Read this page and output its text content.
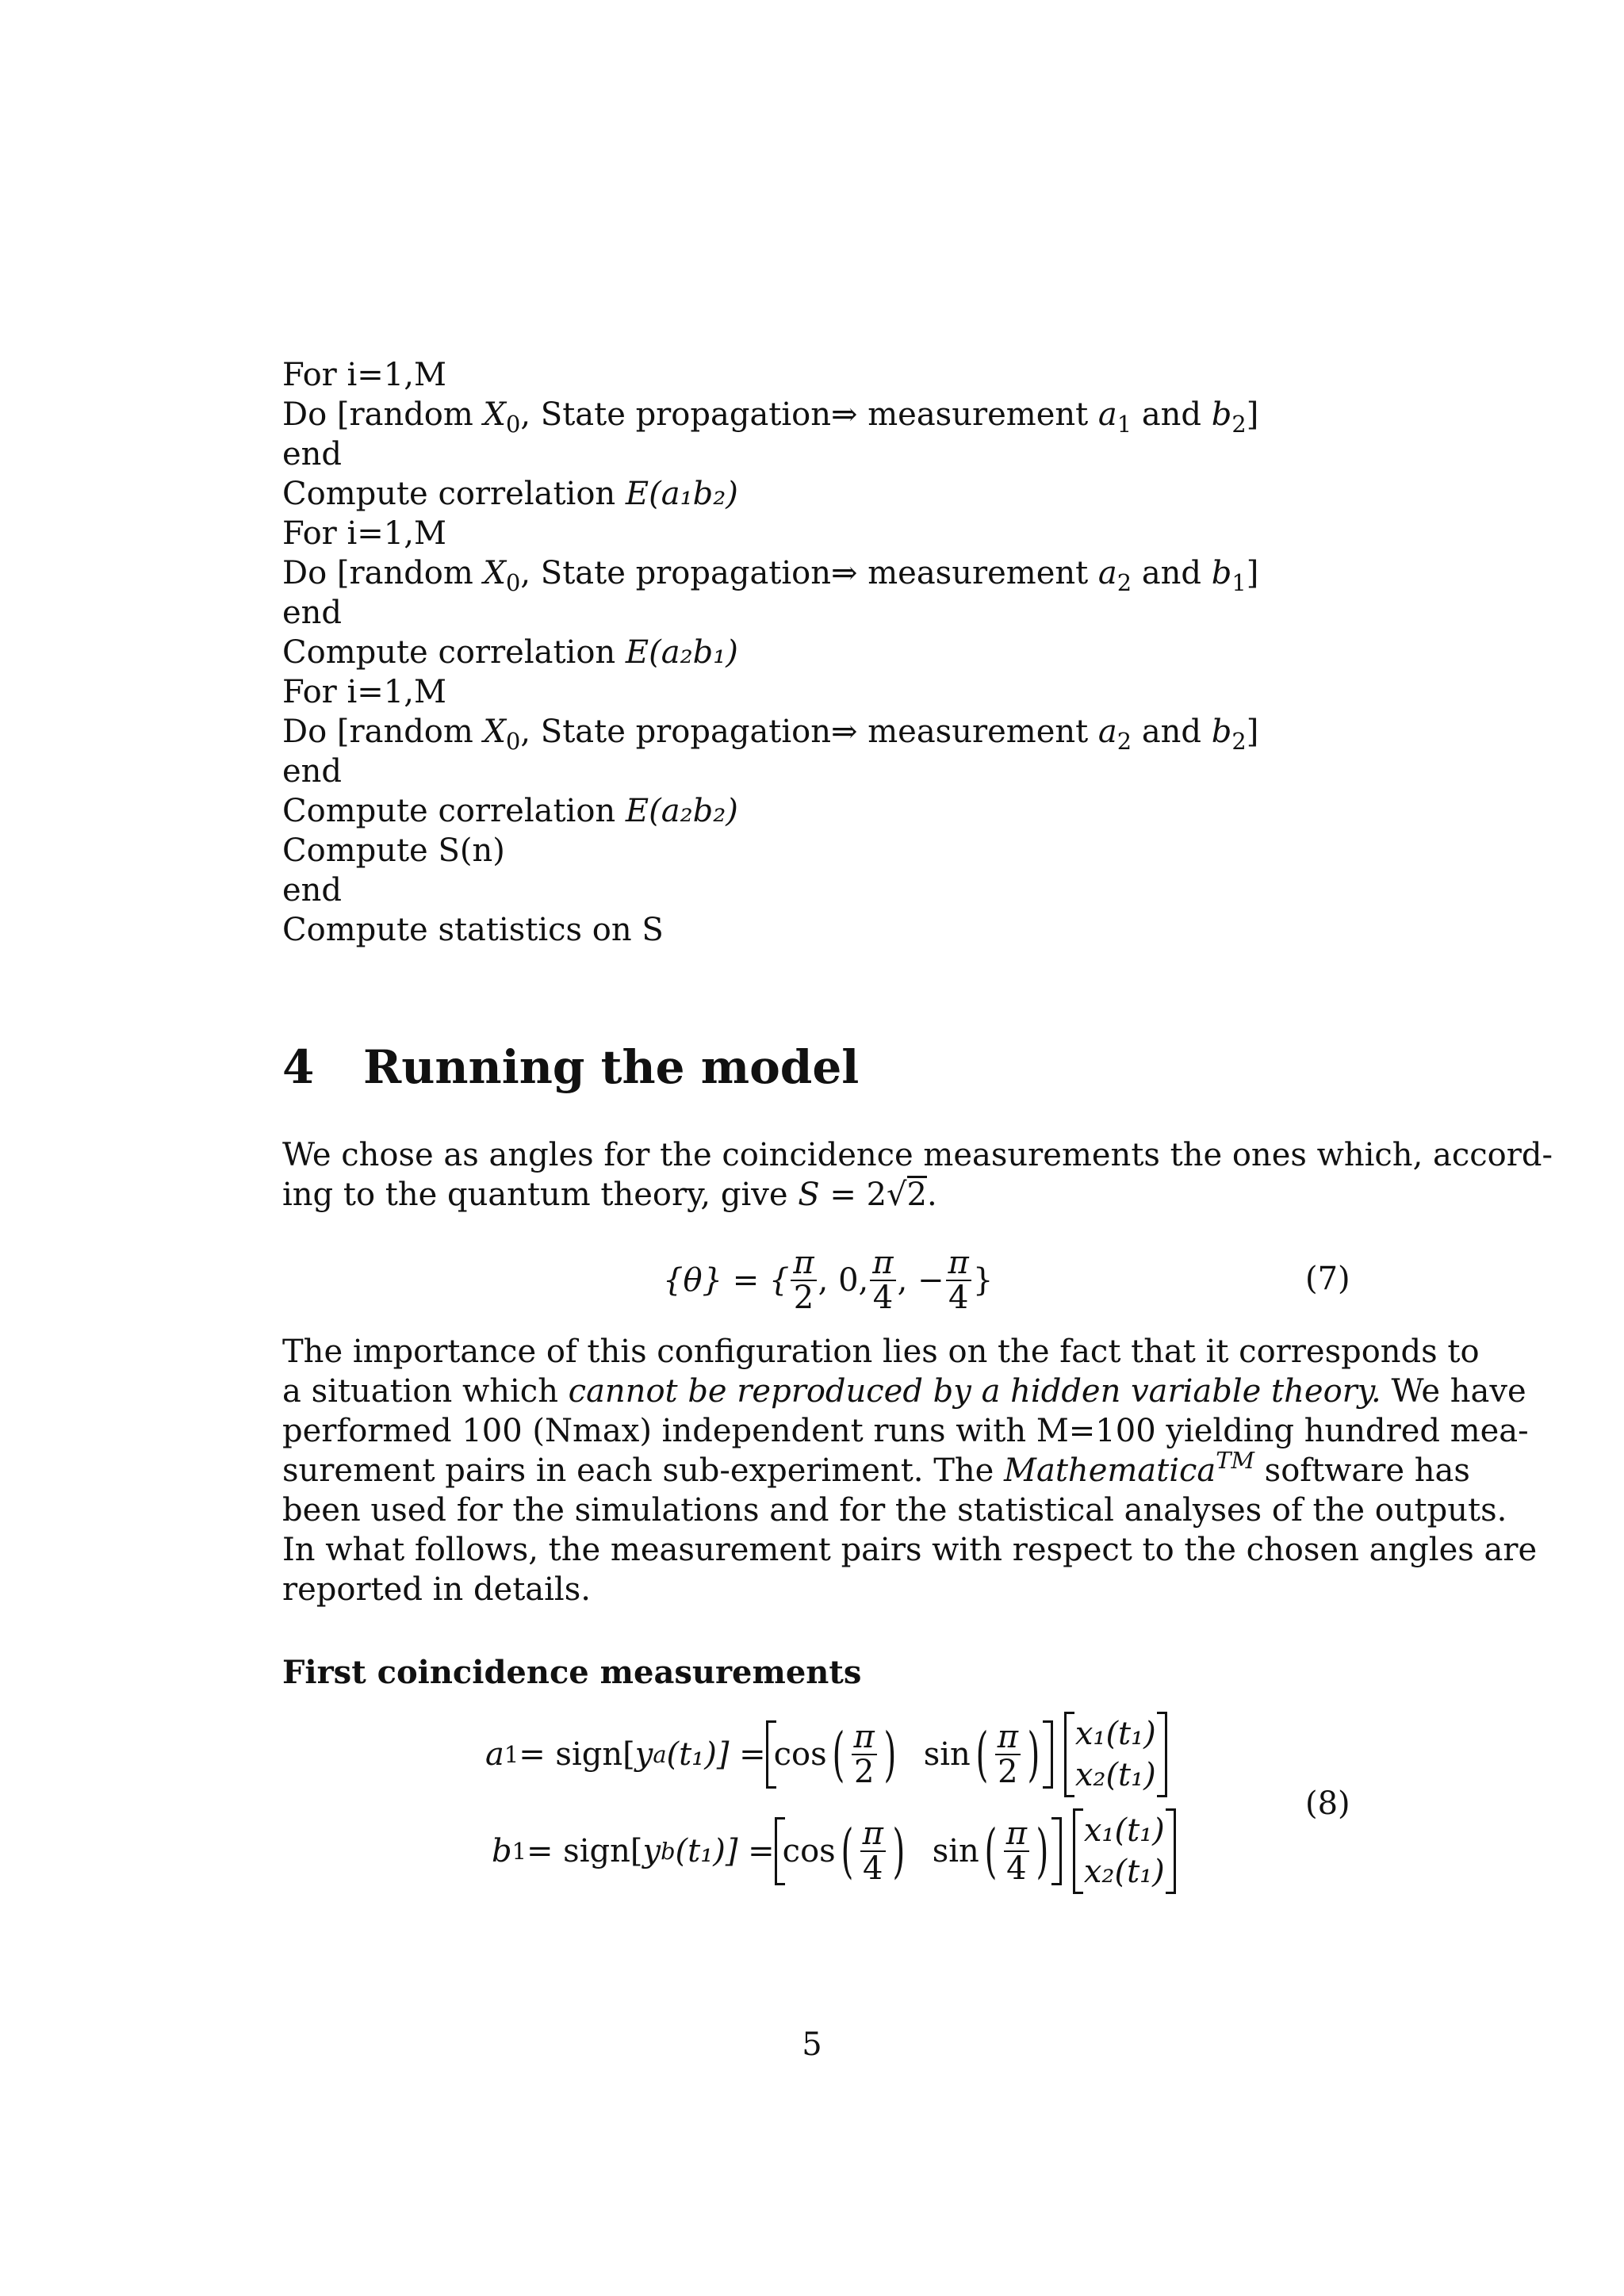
For i=1,M
Do [random $X_0$, State propagation⇒ measurement $a_1$ and $b_2$]
end
Compute correlation E(a₁b₂)
For i=1,M
Do [random $X_0$, State propagation⇒ measurement $a_2$ and $b_1$]
end
Compute correlation E(a₂b₁)
For i=1,M
Do [random $X_0$, State propagation⇒ measurement $a_2$ and $b_2$]
end
Compute correlation E(a₂b₂)
Compute S(n)
end
Compute statistics on S
4 Running the model
We chose as angles for the coincidence measurements the ones which, accord-
ing to the quantum theory, give S = 2√2.
{θ} = { $\frac{\pi}{2}$ , 0, $\frac{\pi}{4}$ , − $\frac{\pi}{4}$ }	(7)
The importance of this configuration lies on the fact that it corresponds to
a situation which cannot be reproduced by a hidden variable theory. We have
performed 100 (Nmax) independent runs with M=100 yielding hundred mea-
surement pairs in each sub-experiment. The Mathematica™ software has
been used for the simulations and for the statistical analyses of the outputs.
In what follows, the measurement pairs with respect to the chosen angles are
reported in details.
First coincidence measurements
a 1 = sign[ y a (t₁)] = cos ( $\frac{\pi}{2}$ ) sin ( $\frac{\pi}{2}$ ) x₁(t₁)
x₂(t₁)
b 1 = sign[ y b (t₁)] = cos ( $\frac{\pi}{4}$ ) sin ( $\frac{\pi}{4}$ ) x₁(t₁)
x₂(t₁)
(8)
5
